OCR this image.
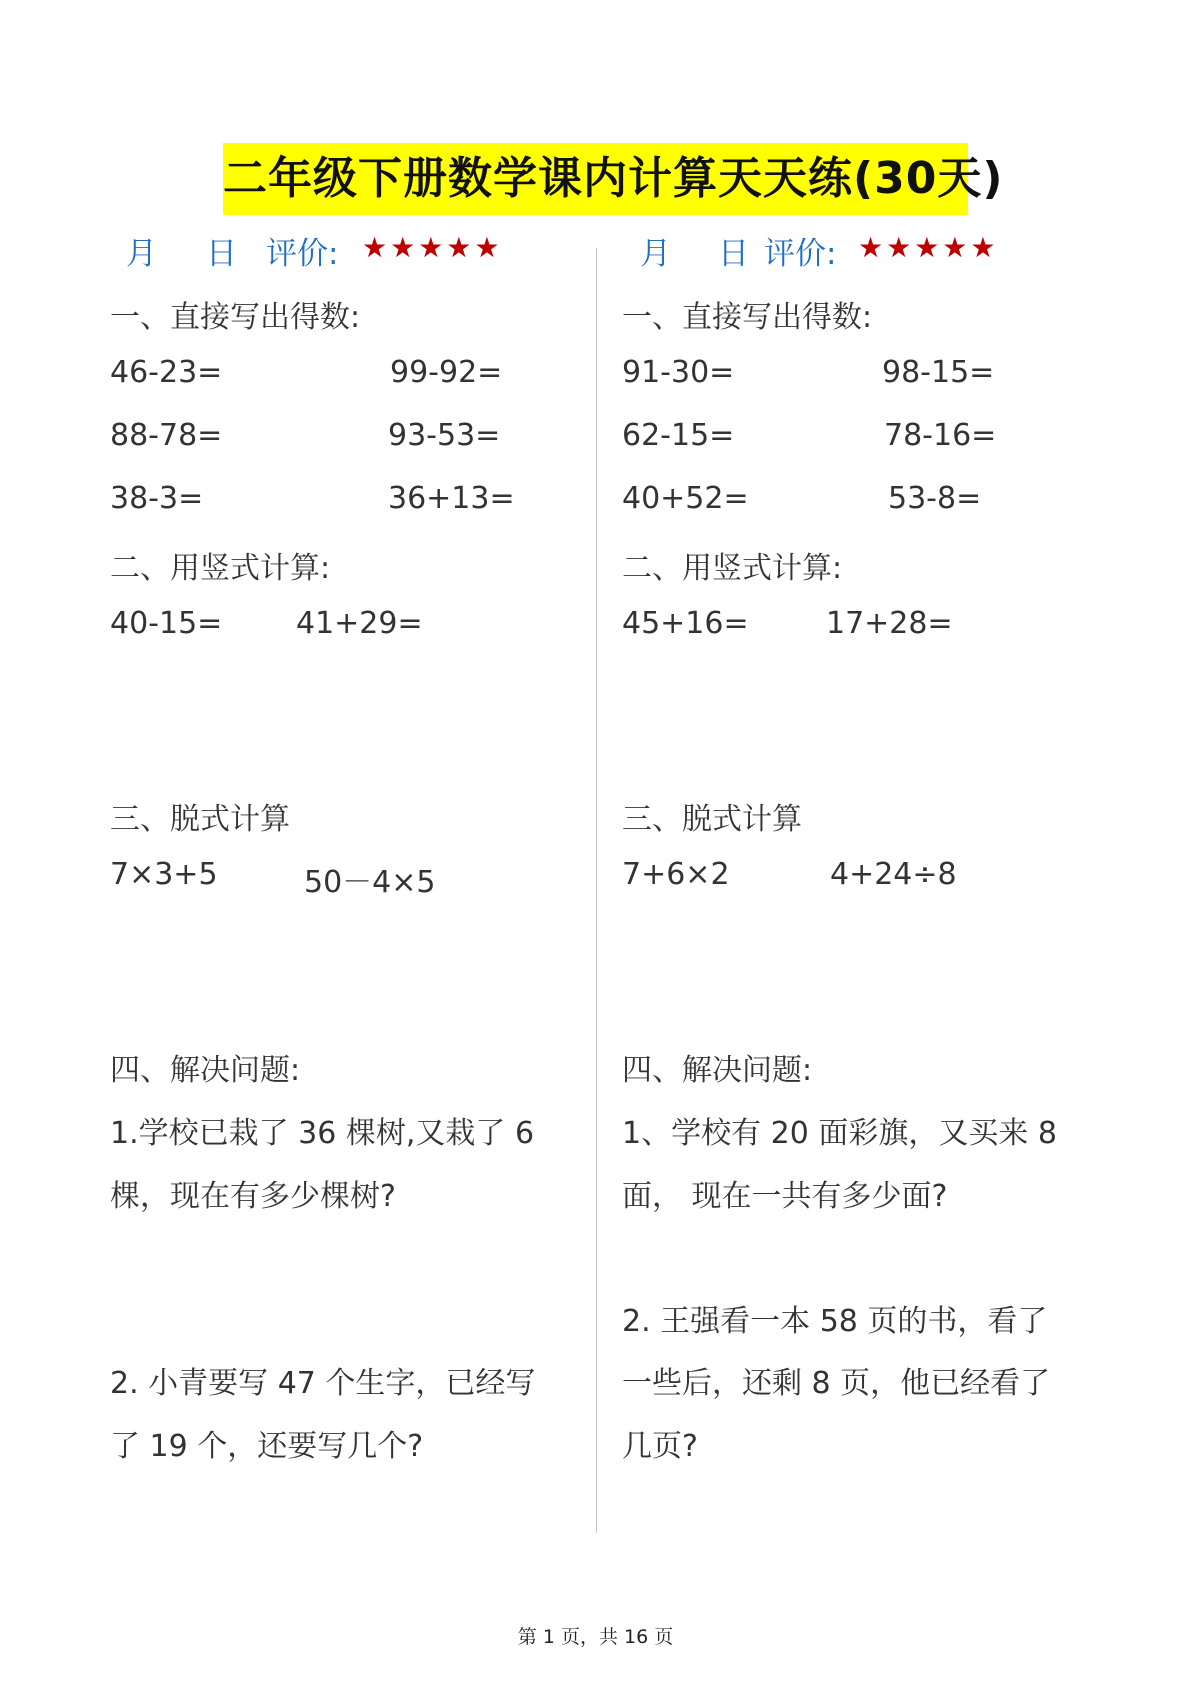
二年级下册数学课内计算天天练(30天)
月 日 评价: ★★★★★	月 日 评价: ★★★★★
一、直接写出得数:
46-23=	99-92=
88-78=	93-53=
38-3=	36+13=
二、用竖式计算:
40-15= 41+29=
三、脱式计算
7×3+5	50－4×5
四、解决问题:
1.学校已栽了 36 棵树,又栽了 6
棵，现在有多少棵树?
2. 小青要写 47 个生字，已经写
了 19 个，还要写几个?
一、直接写出得数:
91-30=	98-15=
62-15=	78-16=
40+52=	53-8=
二、用竖式计算:
45+16=	17+28=
三、脱式计算
7+6×2	4+24÷8
四、解决问题:
1、学校有 20 面彩旗，又买来 8
面， 现在一共有多少面?
2. 王强看一本 58 页的书，看了
一些后，还剩 8 页，他已经看了
几页?
第 1 页，共 16 页
